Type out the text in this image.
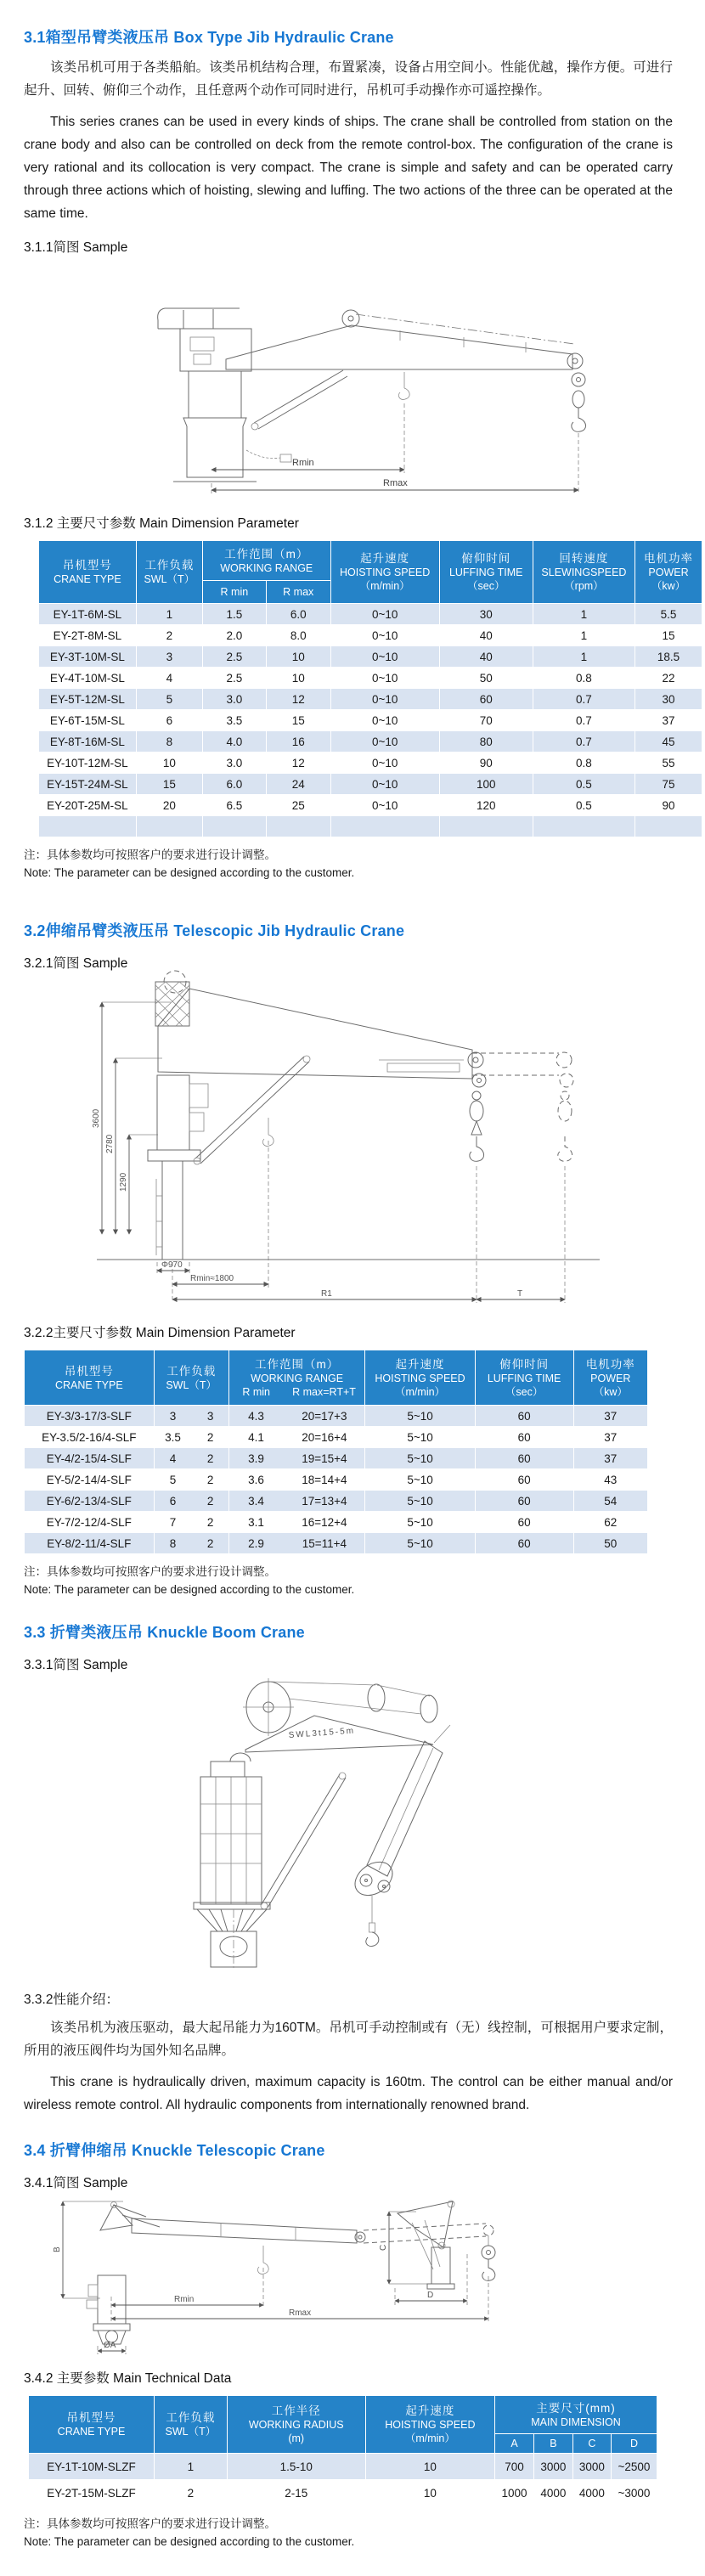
3.1箱型吊臂类液压吊 Box Type Jib Hydraulic Crane

该类吊机可用于各类船舶。该类吊机结构合理，布置紧凑，设备占用空间小。性能优越，操作方便。可进行起升、回转、俯仰三个动作，且任意两个动作可同时进行，吊机可手动操作亦可遥控操作。

This series cranes can be used in every kinds of ships. The crane shall be controlled from station on the crane body and also can be controlled on deck from the remote control-box. The configuration of the crane is very rational and its collocation is very compact. The crane is simple and safety and can be operated carry through three actions which of hoisting, slewing and luffing. The two actions of the three can be operated at the same time.

3.1.1简图 Sample
Rmin
Rmax
3.1.2 主要尺寸参数 Main Dimension Parameter
吊机型号
CRANE TYPE

工作负载
SWL（T）

工作范围（m）
WORKING RANGE

起升速度
HOISTING SPEED
（m/min）

俯仰时间
LUFFING TIME
（sec）

回转速度
SLEWINGSPEED
（rpm）

电机功率
POWER
（kw）

		R min	R max				

EY-1T-6M-SL	1	1.5	6.0	0~10	30	1	5.5
EY-2T-8M-SL	2	2.0	8.0	0~10	40	1	15
EY-3T-10M-SL	3	2.5	10	0~10	40	1	18.5
EY-4T-10M-SL	4	2.5	10	0~10	50	0.8	22
EY-5T-12M-SL	5	3.0	12	0~10	60	0.7	30
EY-6T-15M-SL	6	3.5	15	0~10	70	0.7	37
EY-8T-16M-SL	8	4.0	16	0~10	80	0.7	45
EY-10T-12M-SL	10	3.0	12	0~10	90	0.8	55
EY-15T-24M-SL	15	6.0	24	0~10	100	0.5	75
EY-20T-25M-SL	20	6.5	25	0~10	120	0.5	90

注：具体参数均可按照客户的要求进行设计调整。
Note: The parameter can be designed according to the customer.
3.2伸缩吊臂类液压吊 Telescopic Jib Hydraulic Crane
3.2.1简图 Sample
3600
2780
1290
Φ970
Rmin≈1800
R1	T
3.2.2主要尺寸参数 Main Dimension Parameter
吊机型号
CRANE TYPE

工作负载
SWL（T）

工作范围（m）
WORKING RANGE
R min	R max=RT+T

起升速度
HOISTING SPEED
（m/min）

俯仰时间
LUFFING TIME
（sec）

电机功率
POWER
（kw）

EY-3/3-17/3-SLF	3	3	4.3	20=17+3	5~10	60	37
EY-3.5/2-16/4-SLF	3.5	2	4.1	20=16+4	5~10	60	37
EY-4/2-15/4-SLF	4	2	3.9	19=15+4	5~10	60	37
EY-5/2-14/4-SLF	5	2	3.6	18=14+4	5~10	60	43
EY-6/2-13/4-SLF	6	2	3.4	17=13+4	5~10	60	54
EY-7/2-12/4-SLF	7	2	3.1	16=12+4	5~10	60	62
EY-8/2-11/4-SLF	8	2	2.9	15=11+4	5~10	60	50
注：具体参数均可按照客户的要求进行设计调整。
Note: The parameter can be designed according to the customer.
3.3 折臂类液压吊 Knuckle Boom Crane
3.3.1简图 Sample
SWL3t15-5m
3.3.2性能介绍：

该类吊机为液压驱动，最大起吊能力为160TM。吊机可手动控制或有（无）线控制，可根据用户要求定制，所用的液压阀件均为国外知名品牌。

This crane is hydraulically driven, maximum capacity is 160tm. The control can be either manual and/or wireless remote control. All hydraulic components from internationally renowned brand.

3.4 折臂伸缩吊 Knuckle Telescopic Crane
3.4.1简图 Sample
B
Rmin
Rmax
ØA
C
D
3.4.2 主要参数 Main Technical Data
吊机型号
CRANE TYPE

工作负载
SWL（T）

工作半径
WORKING RADIUS
(m)

起升速度
HOISTING SPEED
（m/min）

主要尺寸(mm)
MAIN DIMENSION

				A	B	C	D

EY-1T-10M-SLZF	1	1.5-10	10	700	3000	3000	~2500
EY-2T-15M-SLZF	2	2-15	10	1000	4000	4000	~3000
注：具体参数均可按照客户的要求进行设计调整。
Note: The parameter can be designed according to the customer.
